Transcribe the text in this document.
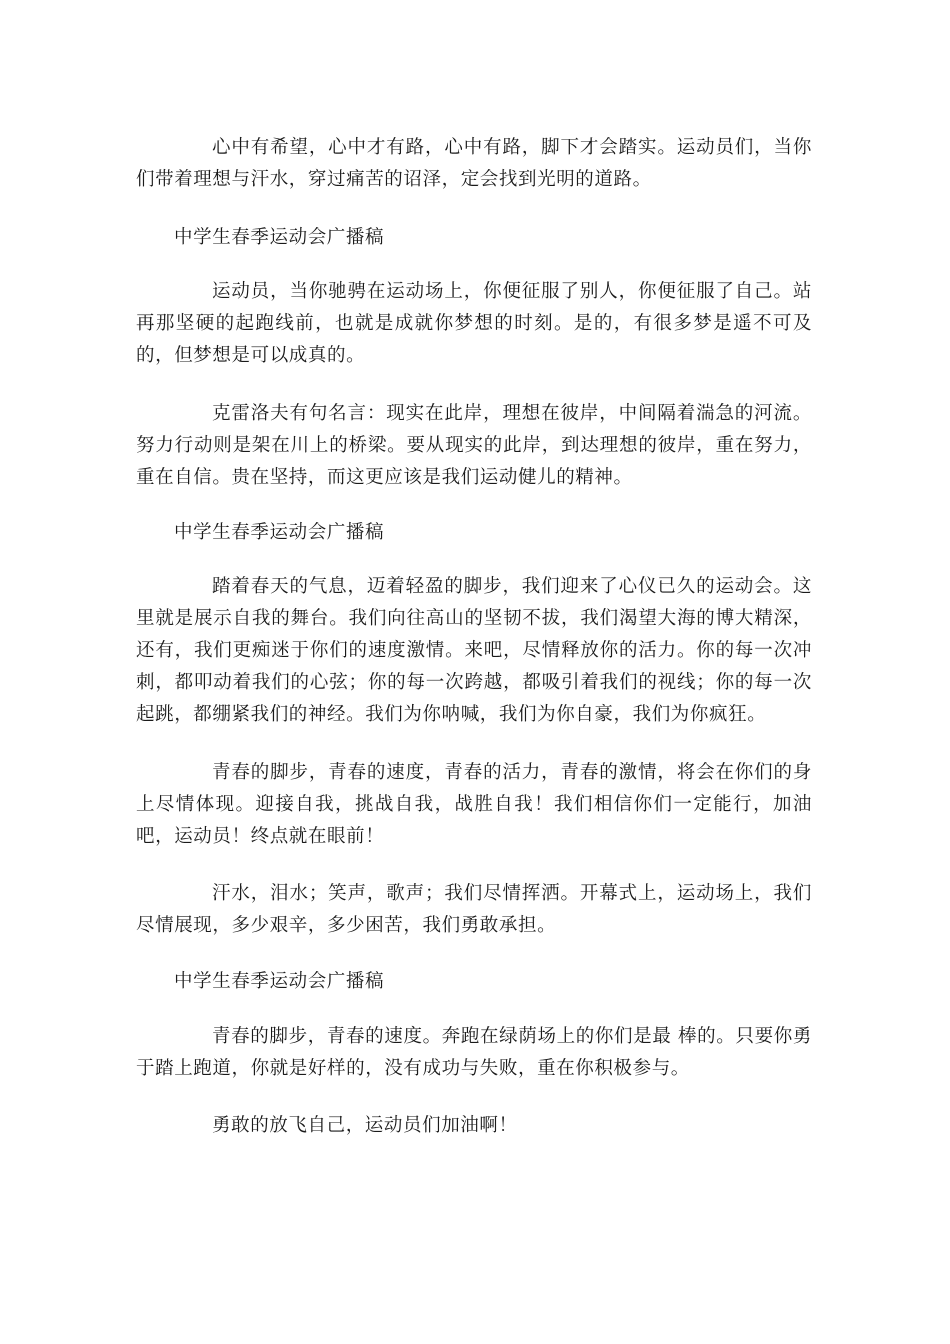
心中有希望，心中才有路，心中有路，脚下才会踏实。运动员们，当你们带着理想与汗水，穿过痛苦的诏泽，定会找到光明的道路。

中学生春季运动会广播稿

运动员，当你驰骋在运动场上，你便征服了别人，你便征服了自己。站再那坚硬的起跑线前，也就是成就你梦想的时刻。是的，有很多梦是遥不可及的，但梦想是可以成真的。

克雷洛夫有句名言：现实在此岸，理想在彼岸，中间隔着湍急的河流。努力行动则是架在川上的桥梁。要从现实的此岸，到达理想的彼岸，重在努力，重在自信。贵在坚持，而这更应该是我们运动健儿的精神。

中学生春季运动会广播稿

踏着春天的气息，迈着轻盈的脚步，我们迎来了心仪已久的运动会。这里就是展示自我的舞台。我们向往高山的坚韧不拔，我们渴望大海的博大精深，还有，我们更痴迷于你们的速度激情。来吧，尽情释放你的活力。你的每一次冲刺，都叩动着我们的心弦；你的每一次跨越，都吸引着我们的视线；你的每一次起跳，都绷紧我们的神经。我们为你呐喊，我们为你自豪，我们为你疯狂。

青春的脚步，青春的速度，青春的活力，青春的激情，将会在你们的身上尽情体现。迎接自我，挑战自我，战胜自我！我们相信你们一定能行，加油吧，运动员！终点就在眼前！

汗水，泪水；笑声，歌声；我们尽情挥洒。开幕式上，运动场上，我们尽情展现，多少艰辛，多少困苦，我们勇敢承担。

中学生春季运动会广播稿

青春的脚步，青春的速度。奔跑在绿荫场上的你们是最 棒的。只要你勇于踏上跑道，你就是好样的，没有成功与失败，重在你积极参与。

勇敢的放飞自己，运动员们加油啊！
